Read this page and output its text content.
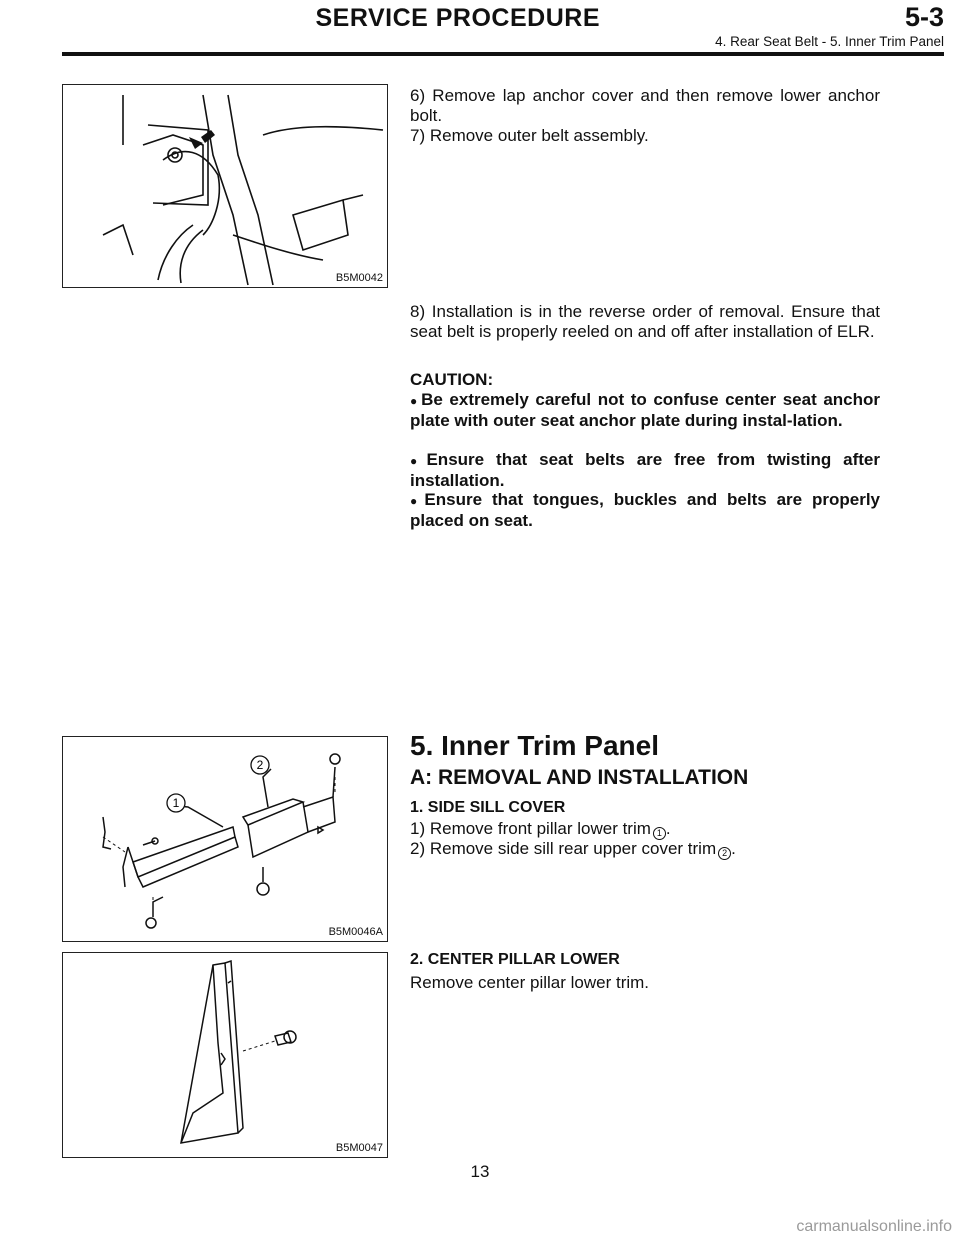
SERVICE PROCEDURE	5-3
4. Rear Seat Belt - 5. Inner Trim Panel
B5M0042
6) Remove lap anchor cover and then remove lower anchor bolt.
7) Remove outer belt assembly.
8) Installation is in the reverse order of removal. Ensure that seat belt is properly reeled on and off after installation of ELR.
CAUTION:
● Be extremely careful not to confuse center seat anchor plate with outer seat anchor plate during instal-lation.
● Ensure that seat belts are free from twisting after installation.
● Ensure that tongues, buckles and belts are properly placed on seat.
1
2
B5M0046A
5. Inner Trim Panel
A: REMOVAL AND INSTALLATION
1. SIDE SILL COVER
1) Remove front pillar lower trim 1 .
2) Remove side sill rear upper cover trim 2 .
B5M0047
2. CENTER PILLAR LOWER
Remove center pillar lower trim.
13
carmanualsonline.info
